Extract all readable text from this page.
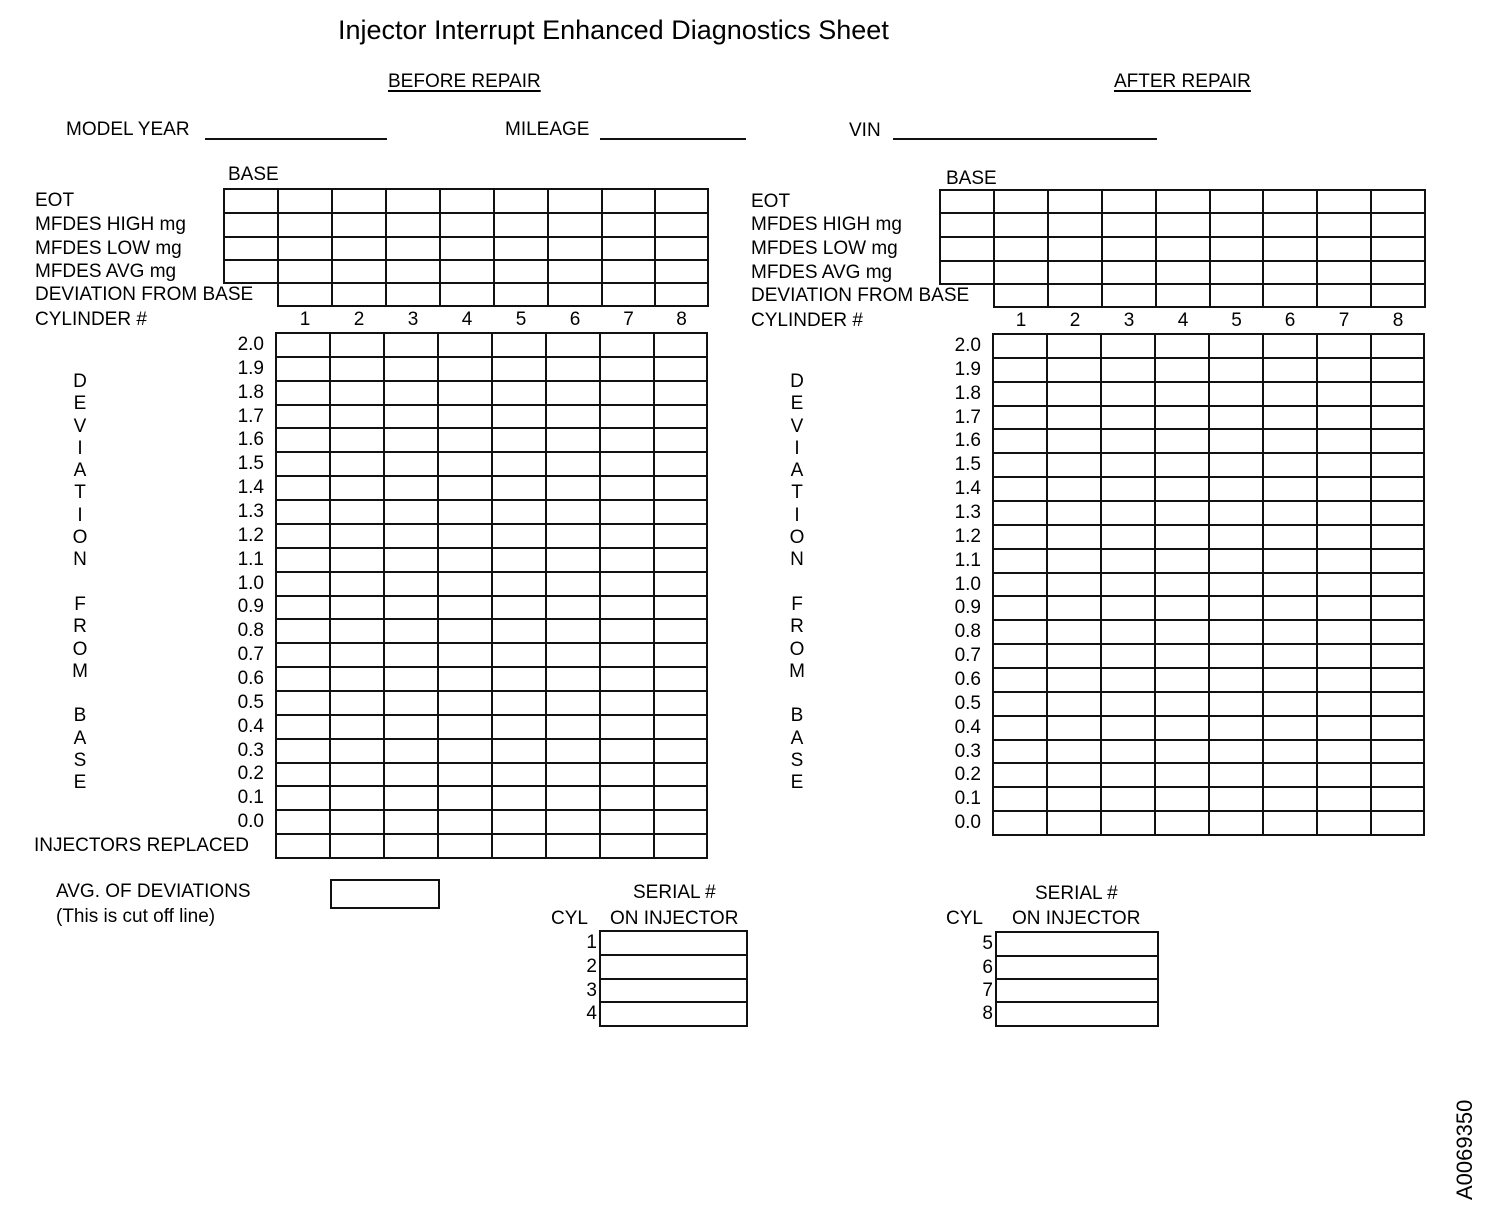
Injector Interrupt Enhanced Diagnostics Sheet
BEFORE REPAIR	AFTER REPAIR
MODEL YEAR	MILEAGE	VIN
AVG. OF DEVIATIONS
(This is cut off line)
A0069350
BASE
EOT
MFDES HIGH mg
MFDES LOW mg
MFDES AVG mg
DEVIATION FROM BASE
CYLINDER #	1	2	3	4	5	6	7	8
2.0
1.9
1.8
1.7
1.6
1.5
1.4
1.3
1.2
1.1
1.0
0.9
0.8
0.7
0.6
0.5
0.4
0.3
0.2
0.1
0.0
INJECTORS REPLACED
D
E
V
I
A
T
I
O
N
F
R
O
M
B
A
S
E
BASE
EOT
MFDES HIGH mg
MFDES LOW mg
MFDES AVG mg
DEVIATION FROM BASE
CYLINDER #	1	2	3	4	5	6	7	8
2.0
1.9
1.8
1.7
1.6
1.5
1.4
1.3
1.2
1.1
1.0
0.9
0.8
0.7
0.6
0.5
0.4
0.3
0.2
0.1
0.0
D
E
V
I
A
T
I
O
N
F
R
O
M
B
A
S
E
SERIAL #
CYL ON INJECTOR
1
2
3
4
SERIAL #
CYL ON INJECTOR
5
6
7
8
